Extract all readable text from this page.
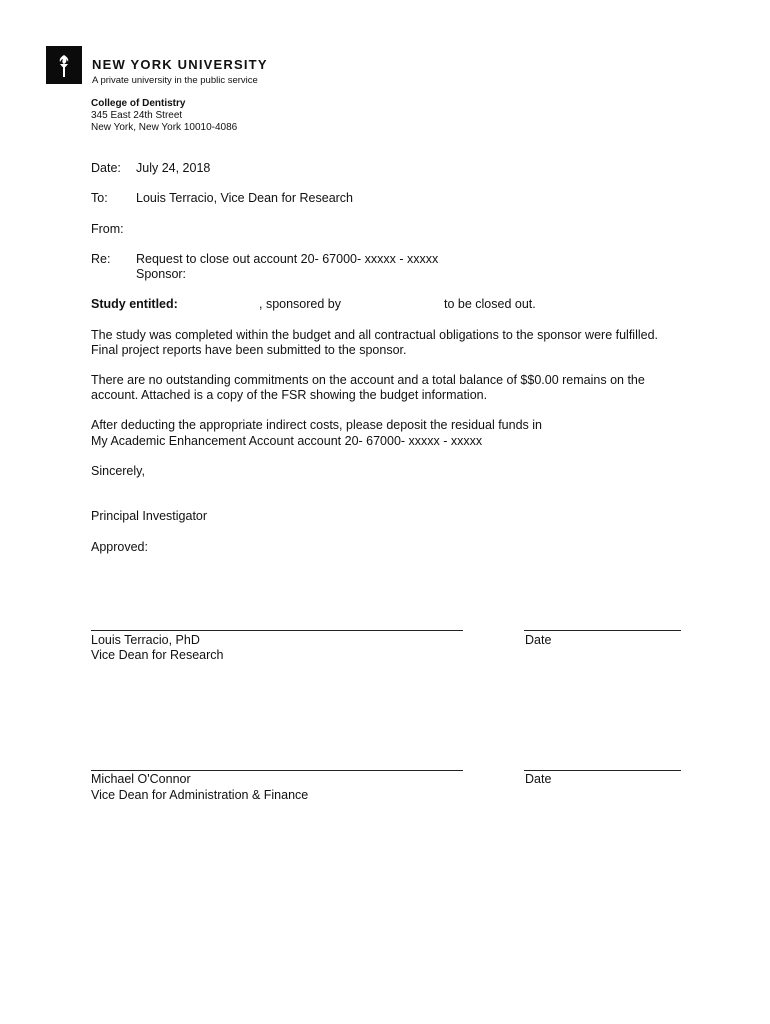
NEW YORK UNIVERSITY
A private university in the public service
College of Dentistry
345 East 24th Street
New York, New York 10010-4086
Date: July 24, 2018
To: Louis Terracio, Vice Dean for Research
From:
Re: Request to close out account 20- 67000- xxxxx - xxxxx
Sponsor:
Study entitled:	, sponsored by	to be closed out.
The study was completed within the budget and all contractual obligations to the sponsor were fulfilled.
Final project reports have been submitted to the sponsor.
There are no outstanding commitments on the account and a total balance of $$0.00 remains on the
account. Attached is a copy of the FSR showing the budget information.
After deducting the appropriate indirect costs, please deposit the residual funds in
My Academic Enhancement Account account 20- 67000- xxxxx - xxxxx
Sincerely,
Principal Investigator
Approved:
Louis Terracio, PhD
Vice Dean for Research
Date
Michael O'Connor
Vice Dean for Administration & Finance
Date
